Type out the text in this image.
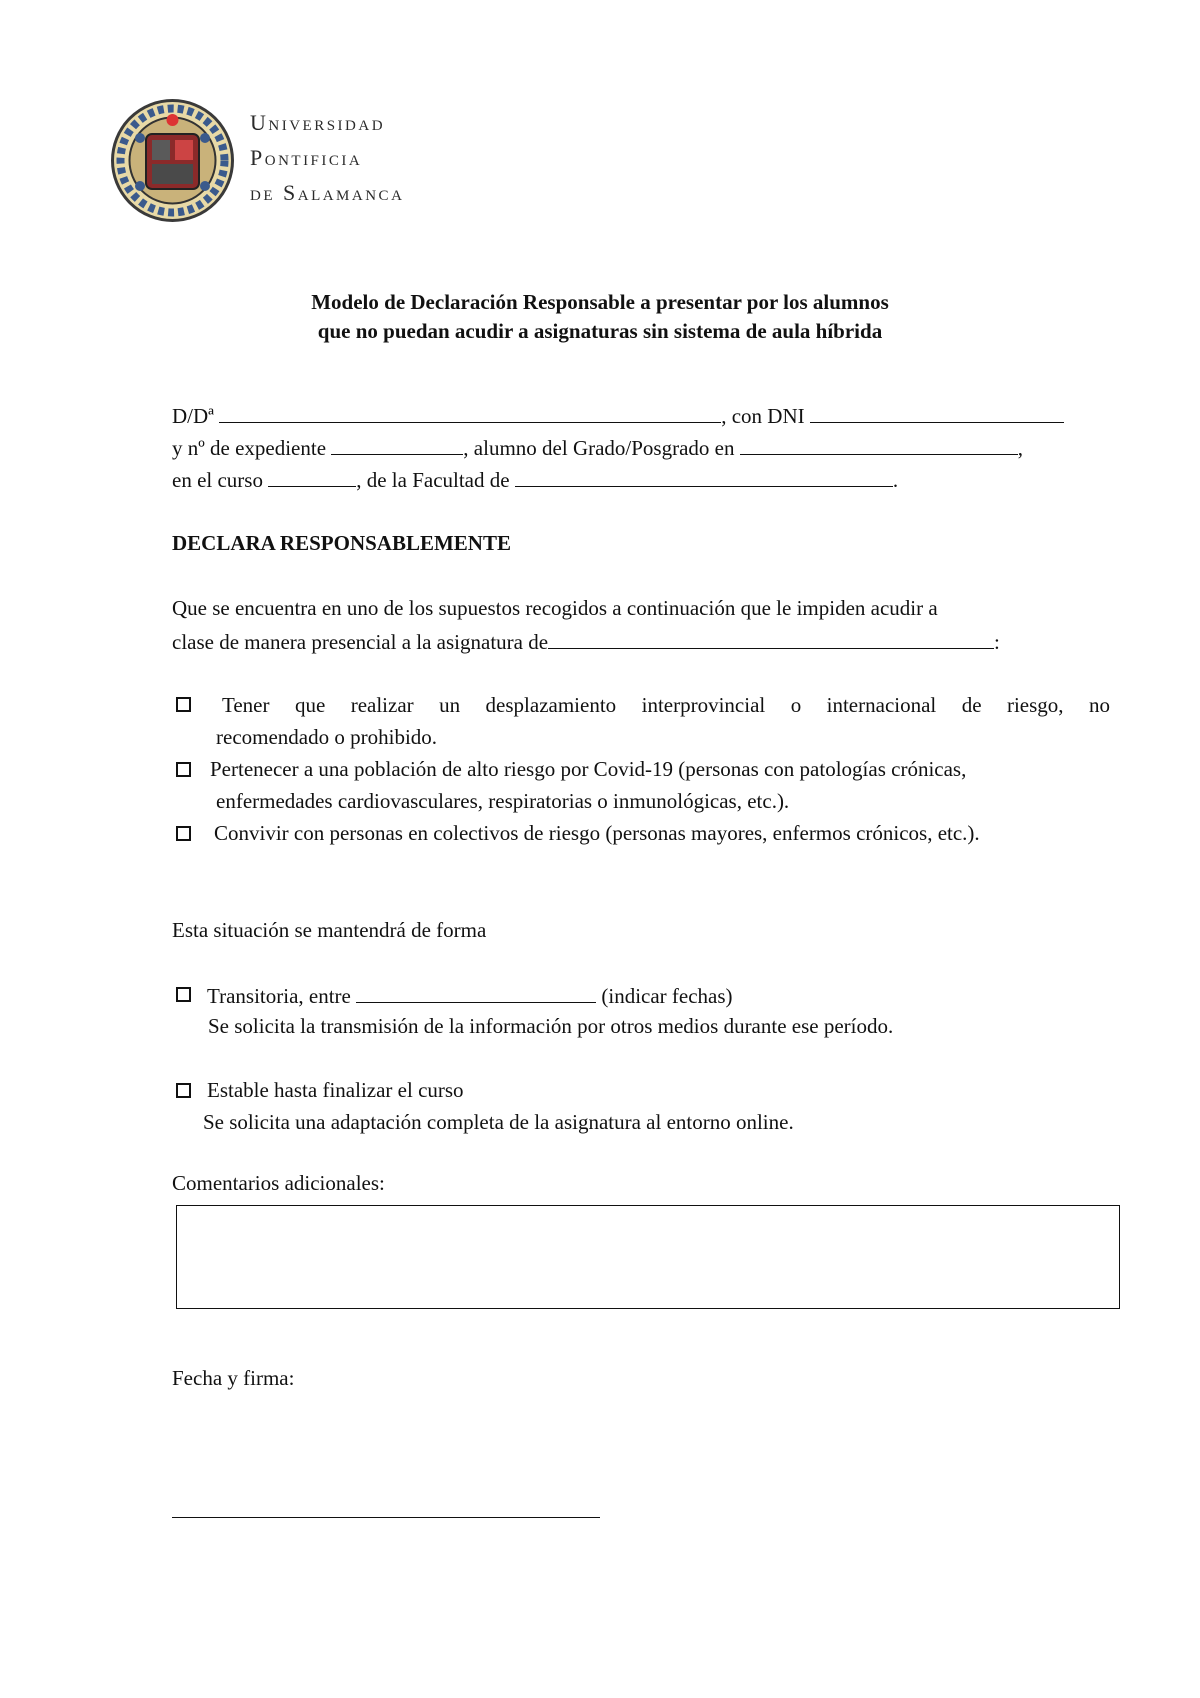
Universidad
Pontificia
de Salamanca
Modelo de Declaración Responsable a presentar por los alumnos
que no puedan acudir a asignaturas sin sistema de aula híbrida
D/Dª	, con DNI
y nº de expediente	, alumno del Grado/Posgrado en	,
en el curso	, de la Facultad de	.
DECLARA RESPONSABLEMENTE
Que se encuentra en uno de los supuestos recogidos a continuación que le impiden acudir a
clase de manera presencial a la asignatura de	:
Tener que realizar un desplazamiento interprovincial o internacional de riesgo, no
recomendado o prohibido.
Pertenecer a una población de alto riesgo por Covid-19 (personas con patologías crónicas,
enfermedades cardiovasculares, respiratorias o inmunológicas, etc.).
Convivir con personas en colectivos de riesgo (personas mayores, enfermos crónicos, etc.).
Esta situación se mantendrá de forma
Transitoria, entre	(indicar fechas)
Se solicita la transmisión de la información por otros medios durante ese período.
Estable hasta finalizar el curso
Se solicita una adaptación completa de la asignatura al entorno online.
Comentarios adicionales:
Fecha y firma:
